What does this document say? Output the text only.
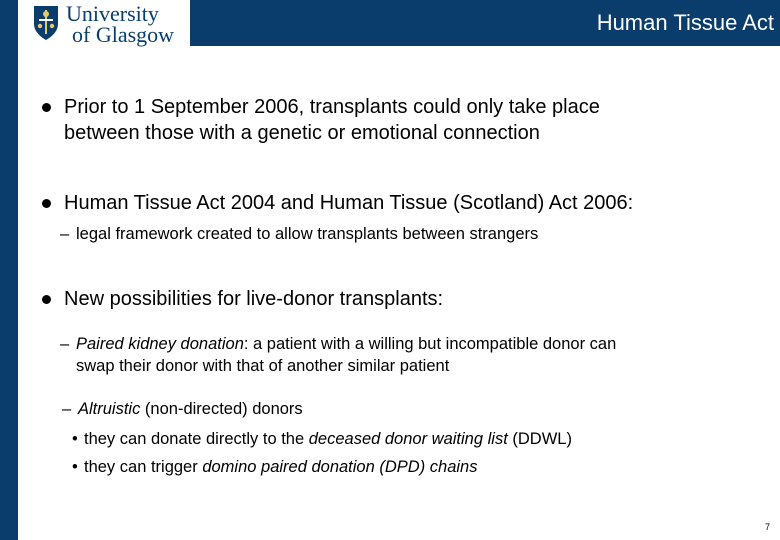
University
of Glasgow	Human Tissue Act
Prior to 1 September 2006, transplants could only take place
between those with a genetic or emotional connection
Human Tissue Act 2004 and Human Tissue (Scotland) Act 2006:
– legal framework created to allow transplants between strangers
New possibilities for live-donor transplants:
– Paired kidney donation: a patient with a willing but incompatible donor can
swap their donor with that of another similar patient
– Altruistic (non-directed) donors
• they can donate directly to the deceased donor waiting list (DDWL)
• they can trigger domino paired donation (DPD) chains
7
